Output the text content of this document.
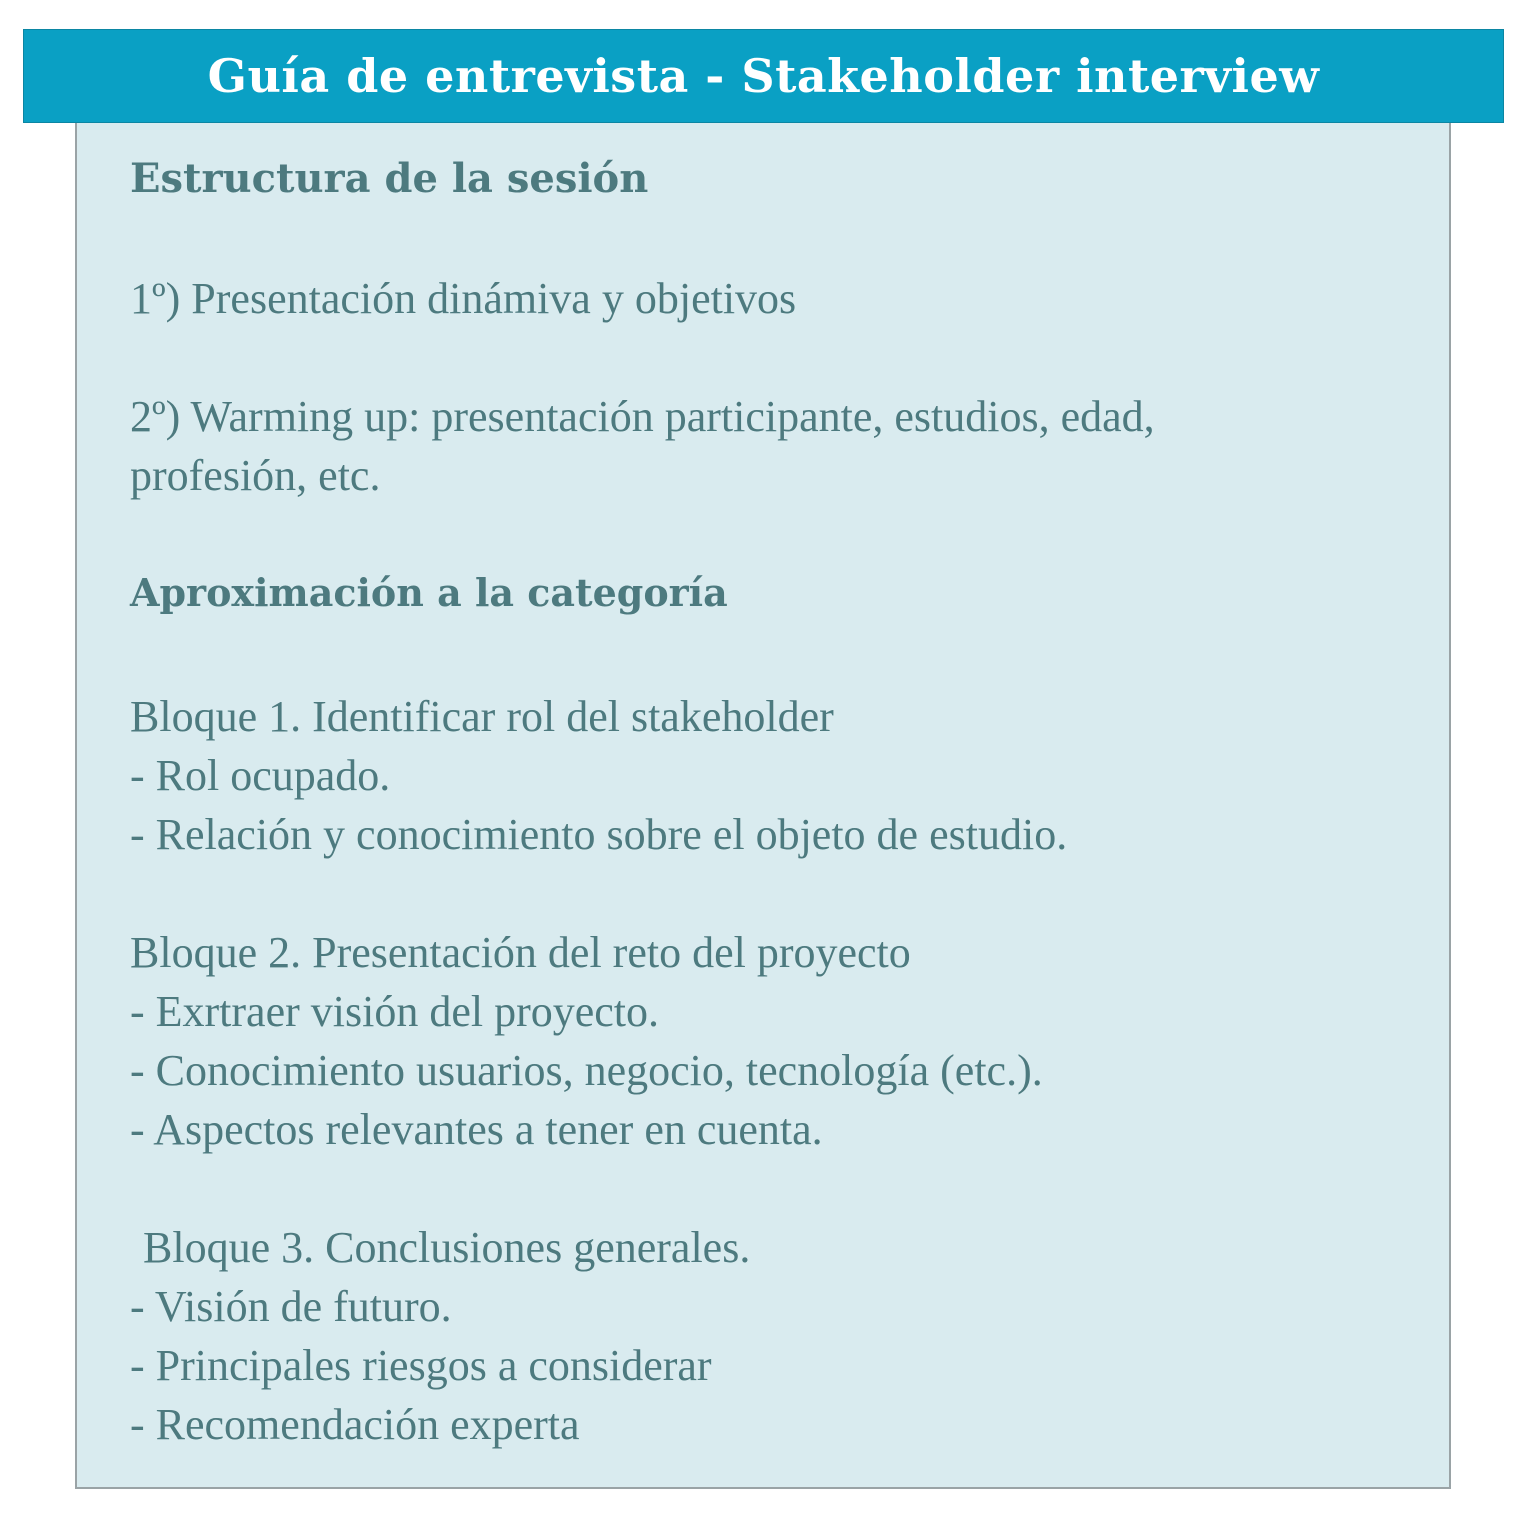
Guía de entrevista - Stakeholder interview
Estructura de la sesión
1º) Presentación dinámiva y objetivos
2º) Warming up: presentación participante, estudios, edad,
profesión, etc.
Aproximación a la categoría
Bloque 1. Identificar rol del stakeholder
- Rol ocupado.
- Relación y conocimiento sobre el objeto de estudio.
Bloque 2. Presentación del reto del proyecto
- Exrtraer visión del proyecto.
- Conocimiento usuarios, negocio, tecnología (etc.).
- Aspectos relevantes a tener en cuenta.
Bloque 3. Conclusiones generales.
- Visión de futuro.
- Principales riesgos a considerar
- Recomendación experta
